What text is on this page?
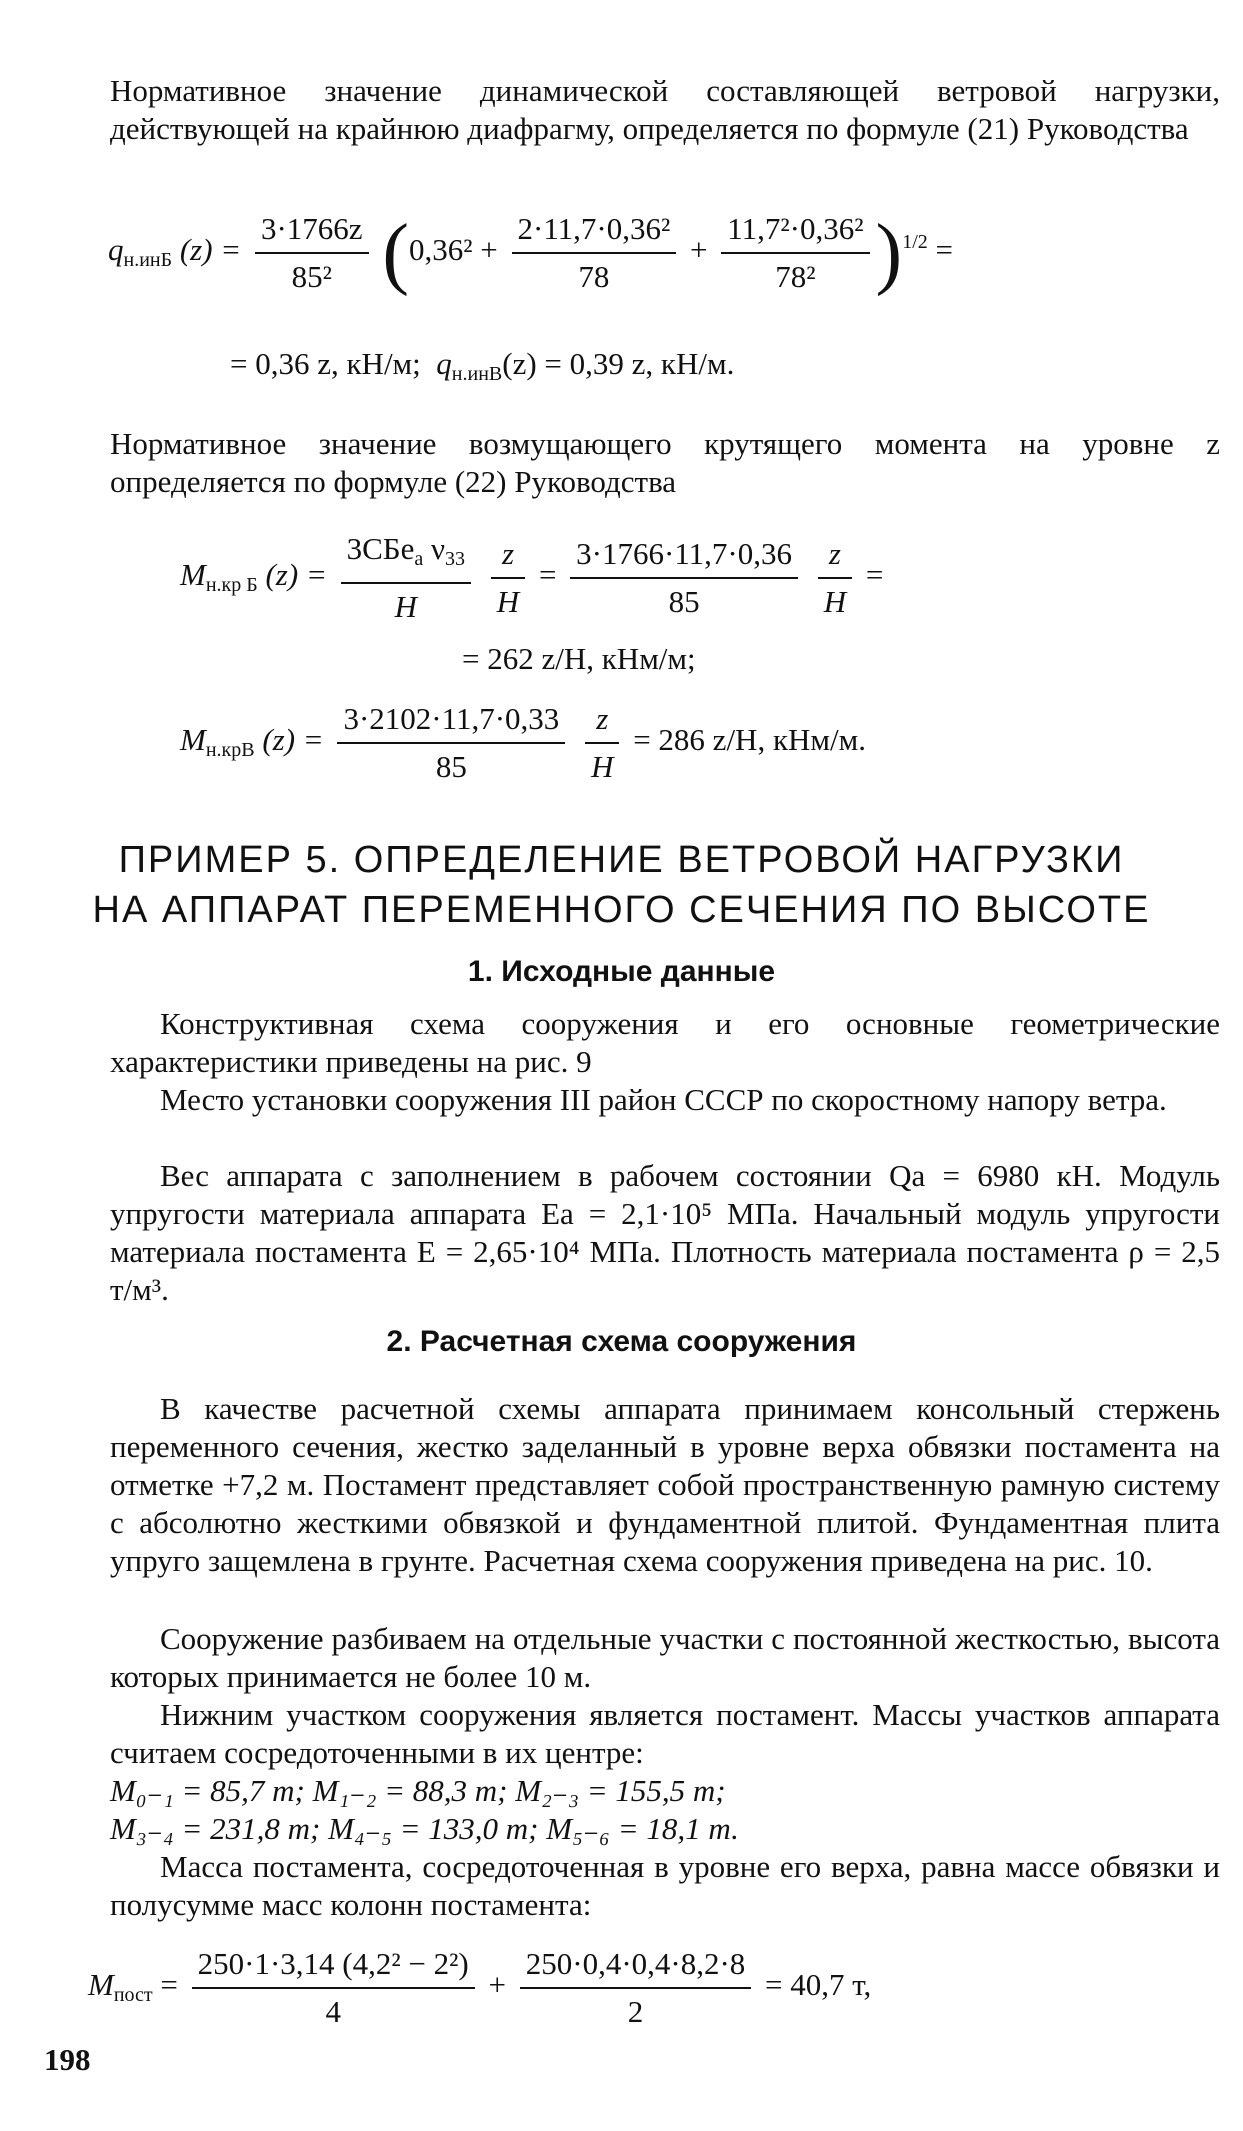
Нормативное значение динамической составляющей ветровой нагрузки, действующей на крайнюю диафрагму, определяется по формуле (21) Руководства
$q_{н.инБ}$ $(z) = \frac{3\cdot 1766z}{\text{85²}} (0,36^2 + \frac{\text{2·11,7·0,36²}}{78} + \frac{\text{11,7²·0,36²}}{\text{78²}} )^{1/2}$ =
= 0,36 z, кН/м; $q_{н.инВ}(z) = 0,39$ z, кН/м.
Нормативное значение возмущающего крутящего момента на уровне z определяется по формуле (22) Руководства
$M_{н.кр Б}$ $(z) = \frac{3CБe_a \nu_{33}}{H}$
$\frac{z}{H} = \frac{3\cdot 1766\cdot 11,7\cdot 0,36}{85}$
$\frac{z}{H}$ =
= 262 z/H, кНм/м;
$M_{н.крВ}$ $(z) = \frac{3\cdot 2102\cdot 11,7\cdot 0,33}{85}$
$\frac{z}{H} = 286$ z/H, кНм/м.
ПРИМЕР 5. ОПРЕДЕЛЕНИЕ ВЕТРОВОЙ НАГРУЗКИ
НА АППАРАТ ПЕРЕМЕННОГО СЕЧЕНИЯ ПО ВЫСОТЕ
1. Исходные данные
Конструктивная схема сооружения и его основные геометрические характеристики приведены на рис. 9
Место установки сооружения III район СССР по скоростному напору ветра.
Вес аппарата с заполнением в рабочем состоянии Qa = 6980 кН. Модуль упругости материала аппарата Ea = 2,1·10⁵ МПа. Начальный модуль упругости материала постамента E = 2,65·10⁴ МПа. Плотность материала постамента ρ = 2,5 т/м³.
2. Расчетная схема сооружения
В качестве расчетной схемы аппарата принимаем консольный стержень переменного сечения, жестко заделанный в уровне верха обвязки постамента на отметке +7,2 м. Постамент представляет собой пространственную рамную систему с абсолютно жесткими обвязкой и фундаментной плитой. Фундаментная плита упруго защемлена в грунте. Расчетная схема сооружения приведена на рис. 10.
Сооружение разбиваем на отдельные участки с постоянной жесткостью, высота которых принимается не более 10 м.
Нижним участком сооружения является постамент. Массы участков аппарата считаем сосредоточенными в их центре:
M₀₋₁ = 85,7 т; M₁₋₂ = 88,3 т; M₂₋₃ = 155,5 т;
M₃₋₄ = 231,8 т; M₄₋₅ = 133,0 т; M₅₋₆ = 18,1 т.
Масса постамента, сосредоточенная в уровне его верха, равна массе обвязки и полусумме масс колонн постамента:
$M_{пост} = \frac{\text{250·1·3,14 (4,2² − 2²)}}{4} + \frac{250\cdot 0,4\cdot 0,4\cdot 8,2\cdot 8}{2} = 40,7$ т,
198
